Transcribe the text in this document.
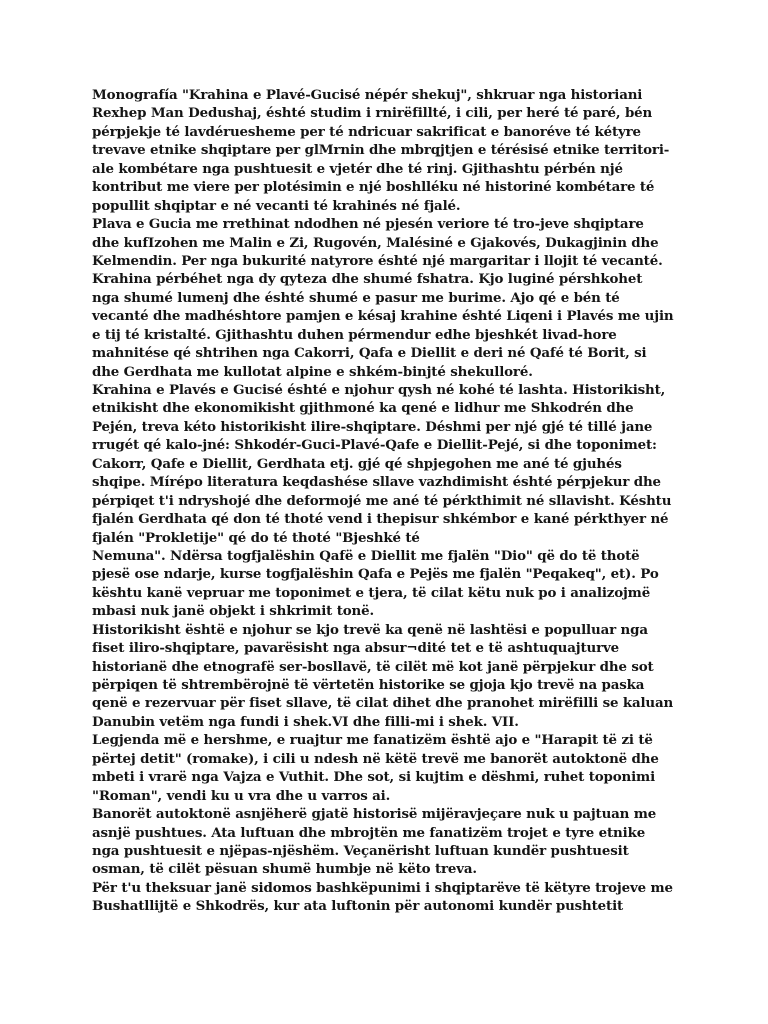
Monografía "Krahina e Plavé-Gucisé népér shekuj", shkruar nga historiani
Rexhep Man Dedushaj, éshté studim i rnirëfillté, i cili, per heré té paré, bén
pérpjekje té lavdéruesheme per té ndricuar sakrificat e banoréve té kétyre
trevave etnike shqiptare per glMrnin dhe mbrqjtjen e térésisé etnike territori-
ale kombétare nga pushtuesit e vjetér dhe té rinj. Gjithashtu pérbén njé
kontribut me viere per plotésimin e njé boshlléku né historiné kombétare té
popullit shqiptar e né vecanti té krahinés né fjalé.
Plava e Gucia me rrethinat ndodhen né pjesén veriore té tro-jeve shqiptare
dhe kufIzohen me Malin e Zi, Rugovén, Malésiné e Gjakovés, Dukagjinin dhe
Kelmendin. Per nga bukurité natyrore éshté njé margaritar i llojit té vecanté.
Krahina pérbéhet nga dy qyteza dhe shumé fshatra. Kjo luginé pérshkohet
nga shumé lumenj dhe éshté shumé e pasur me burime. Ajo qé e bén té
vecanté dhe madhéshtore pamjen e késaj krahine éshté Liqeni i Plavés me ujin
e tij té kristalté. Gjithashtu duhen pérmendur edhe bjeshkét livad-hore
mahnitése qé shtrihen nga Cakorri, Qafa e Diellit e deri né Qafé té Borit, si
dhe Gerdhata me kullotat alpine e shkém-binjté shekulloré.
Krahina e Plavés e Gucisé éshté e njohur qysh né kohé té lashta. Historikisht,
etnikisht dhe ekonomikisht gjithmoné ka qené e lidhur me Shkodrén dhe
Pején, treva kéto historikisht ilire-shqiptare. Déshmi per njé gjé té tillé jane
rrugét qé kalo-jné: Shkodér-Guci-Plavé-Qafe e Diellit-Pejé, si dhe toponimet:
Cakorr, Qafe e Diellit, Gerdhata etj. gjé qé shpjegohen me ané té gjuhés
shqipe. Mírépo literatura keqdashése sllave vazhdimisht éshté pérpjekur dhe
pérpiqet t'i ndryshojé dhe deformojé me ané té pérkthimit né sllavisht. Késhtu
fjalén Gerdhata qé don té thoté vend i thepisur shkémbor e kané pérkthyer né
fjalén "Prokletije" qé do té thoté "Bjeshké té
Nemuna". Ndërsa togfjalëshin Qafë e Diellit me fjalën "Dio" që do të thotë
pjesë ose ndarje, kurse togfjalëshin Qafa e Pejës me fjalën "Peqakeq", et). Po
kështu kanë vepruar me toponimet e tjera, të cilat këtu nuk po i analizojmë
mbasi nuk janë objekt i shkrimit tonë.
Historikisht është e njohur se kjo trevë ka qenë në lashtësi e populluar nga
fiset iliro-shqiptare, pavarësisht nga absur¬dité tet e të ashtuquajturve
historianë dhe etnografë ser-bosllavë, të cilët më kot janë përpjekur dhe sot
përpiqen të shtrembërojnë të vërtetën historike se gjoja kjo trevë na paska
qenë e rezervuar për fiset sllave, të cilat dihet dhe pranohet mirëfilli se kaluan
Danubin vetëm nga fundi i shek.VI dhe filli-mi i shek. VII.
Legjenda më e hershme, e ruajtur me fanatizëm është ajo e "Harapit të zi të
përtej detit" (romake), i cili u ndesh në këtë trevë me banorët autoktonë dhe
mbeti i vrarë nga Vajza e Vuthit. Dhe sot, si kujtim e dëshmi, ruhet toponimi
"Roman", vendi ku u vra dhe u varros ai.
Banorët autoktonë asnjëherë gjatë historisë mijëravjeçare nuk u pajtuan me
asnjë pushtues. Ata luftuan dhe mbrojtën me fanatizëm trojet e tyre etnike
nga pushtuesit e njëpas-njëshëm. Veçanërisht luftuan kundër pushtuesit
osman, të cilët pësuan shumë humbje në këto treva.
Për t'u theksuar janë sidomos bashkëpunimi i shqiptarëve të këtyre trojeve me
Bushatllijtë e Shkodrës, kur ata luftonin për autonomi kundër pushtetit
